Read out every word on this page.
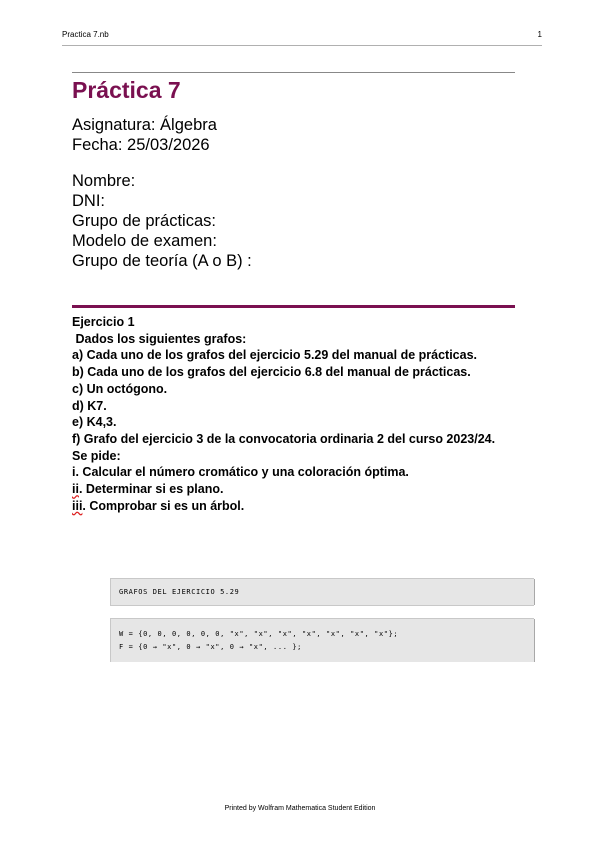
Practica 7.nb	1
Práctica 7
Asignatura: Álgebra
Fecha: 25/03/2026
Nombre:
DNI:
Grupo de prácticas:
Modelo de examen:
Grupo de teoría (A o B) :
Ejercicio 1
Dados los siguientes grafos:
a) Cada uno de los grafos del ejercicio 5.29 del manual de prácticas.
b) Cada uno de los grafos del ejercicio 6.8 del manual de prácticas.
c) Un octógono.
d) K7.
e) K4,3.
f) Grafo del ejercicio 3 de la convocatoria ordinaria 2 del curso 2023/24.
Se pide:
i. Calcular el número cromático y una coloración óptima.
ii. Determinar si es plano.
iii. Comprobar si es un árbol.
GRAFOS DEL EJERCICIO 5.29
W = {0, 0, 0, 0, 0, 0, "x", "x", "x", "x", "x", "x", "x"};
F = {0 → "x", 0 → "x", 0 → "x", ... };
Printed by Wolfram Mathematica Student Edition
